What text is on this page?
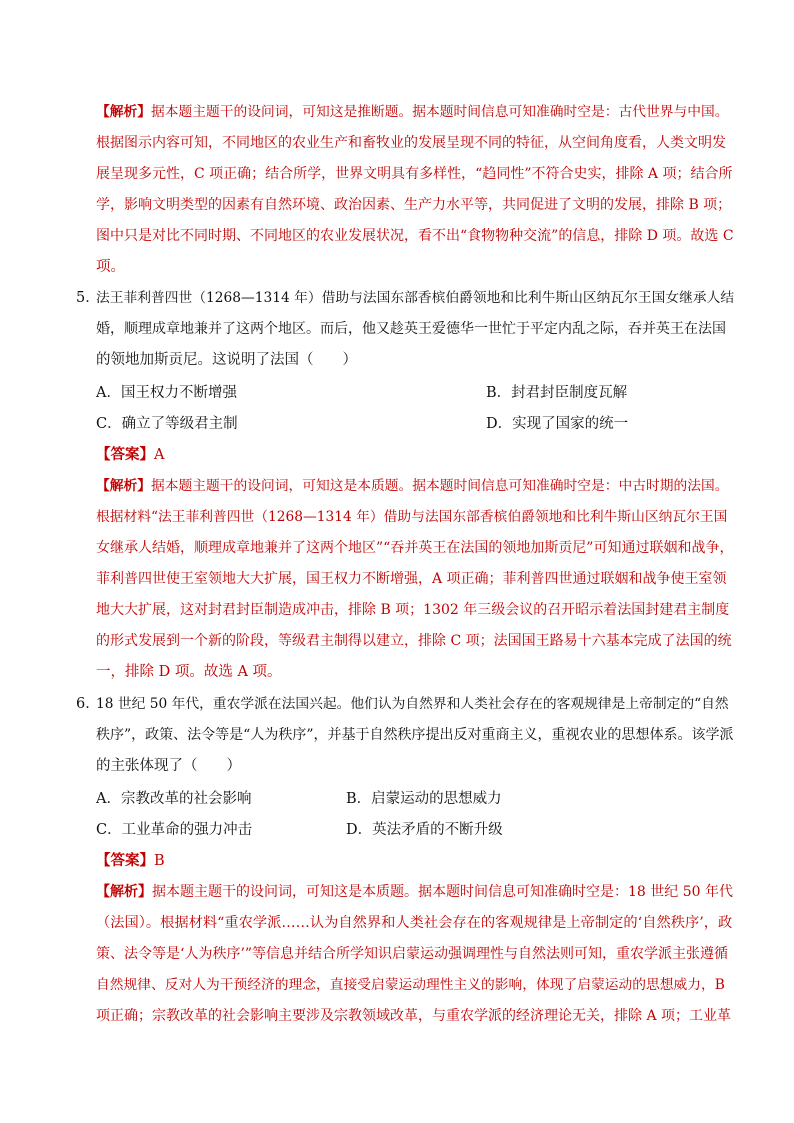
【解析】据本题主题干的设问词，可知这是推断题。据本题时间信息可知准确时空是：古代世界与中国。
根据图示内容可知，不同地区的农业生产和畜牧业的发展呈现不同的特征，从空间角度看，人类文明发
展呈现多元性，C 项正确；结合所学，世界文明具有多样性，“趋同性”不符合史实，排除 A 项；结合所
学，影响文明类型的因素有自然环境、政治因素、生产力水平等，共同促进了文明的发展，排除 B 项；
图中只是对比不同时期、不同地区的农业发展状况，看不出“食物物种交流”的信息，排除 D 项。故选 C
项。
5．
法王菲利普四世（1268—1314 年）借助与法国东部香槟伯爵领地和比利牛斯山区纳瓦尔王国女继承人结
婚，顺理成章地兼并了这两个地区。而后，他又趁英王爱德华一世忙于平定内乱之际，吞并英王在法国
的领地加斯贡尼。这说明了法国（　　）
A．国王权力不断增强	B．封君封臣制度瓦解
C．确立了等级君主制	D．实现了国家的统一
【答案】A
【解析】据本题主题干的设问词，可知这是本质题。据本题时间信息可知准确时空是：中古时期的法国。
根据材料“法王菲利普四世（1268—1314 年）借助与法国东部香槟伯爵领地和比利牛斯山区纳瓦尔王国
女继承人结婚，顺理成章地兼并了这两个地区”“吞并英王在法国的领地加斯贡尼”可知通过联姻和战争，
菲利普四世使王室领地大大扩展，国王权力不断增强，A 项正确；菲利普四世通过联姻和战争使王室领
地大大扩展，这对封君封臣制造成冲击，排除 B 项；1302 年三级会议的召开昭示着法国封建君主制度
的形式发展到一个新的阶段，等级君主制得以建立，排除 C 项；法国国王路易十六基本完成了法国的统
一，排除 D 项。故选 A 项。
6．
18 世纪 50 年代，重农学派在法国兴起。他们认为自然界和人类社会存在的客观规律是上帝制定的“自然
秩序”，政策、法令等是“人为秩序”，并基于自然秩序提出反对重商主义，重视农业的思想体系。该学派
的主张体现了（　　）
A．宗教改革的社会影响	B．启蒙运动的思想威力
C．工业革命的强力冲击	D．英法矛盾的不断升级
【答案】B
【解析】据本题主题干的设问词，可知这是本质题。据本题时间信息可知准确时空是：18 世纪 50 年代
（法国）。根据材料“重农学派……认为自然界和人类社会存在的客观规律是上帝制定的‘自然秩序’，政
策、法令等是‘人为秩序’”等信息并结合所学知识启蒙运动强调理性与自然法则可知，重农学派主张遵循
自然规律、反对人为干预经济的理念，直接受启蒙运动理性主义的影响，体现了启蒙运动的思想威力，B
项正确；宗教改革的社会影响主要涉及宗教领域改革，与重农学派的经济理论无关，排除 A 项；工业革
